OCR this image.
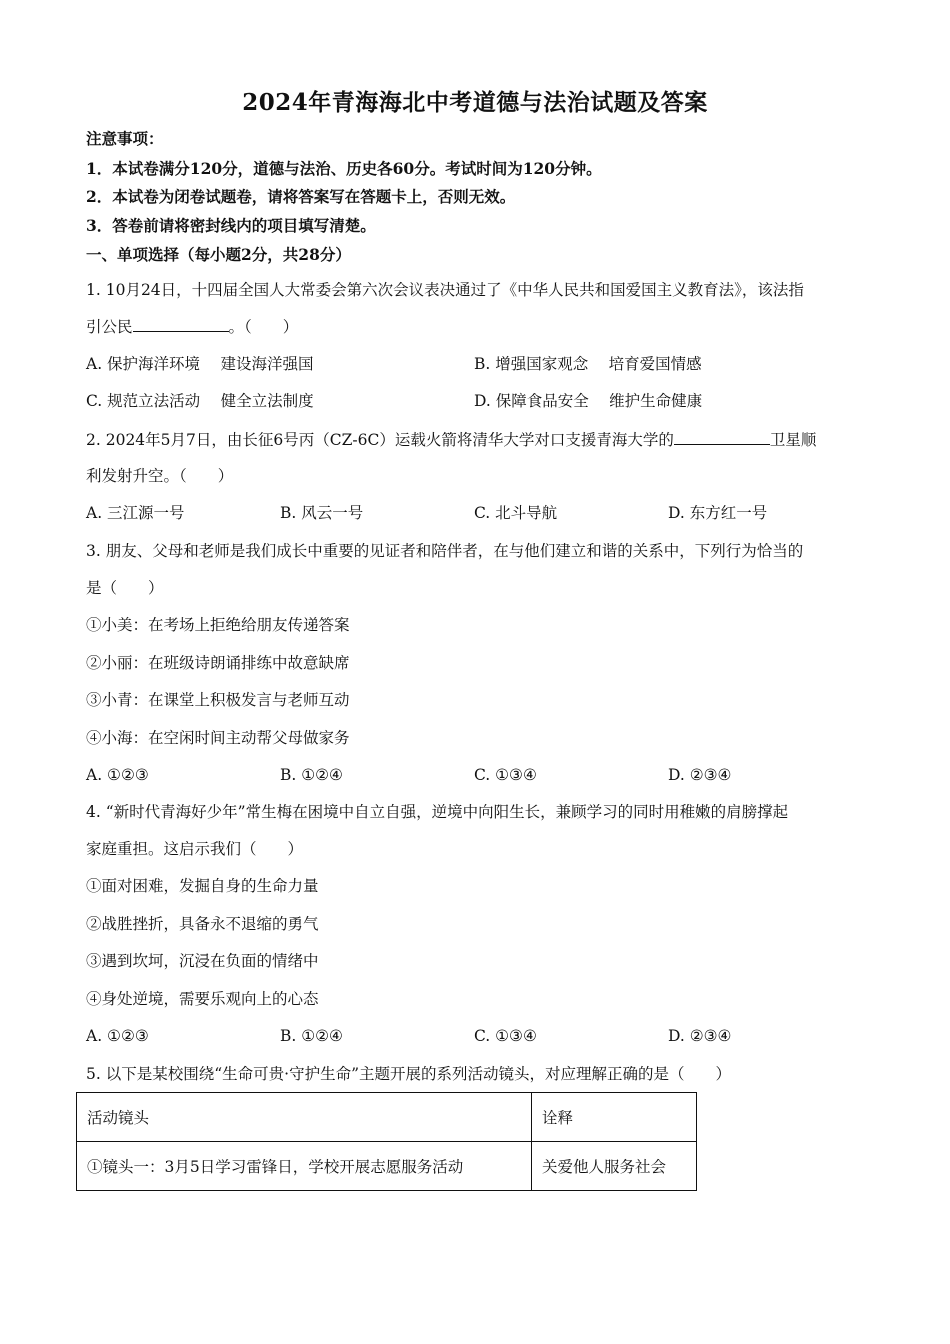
2024年青海海北中考道德与法治试题及答案
注意事项：
1．本试卷满分120分，道德与法治、历史各60分。考试时间为120分钟。
2．本试卷为闭卷试题卷，请将答案写在答题卡上，否则无效。
3．答卷前请将密封线内的项目填写清楚。
一、单项选择（每小题2分，共28分）
1. 10月24日，十四届全国人大常委会第六次会议表决通过了《中华人民共和国爱国主义教育法》，该法指
引公民	。（　　）
A. 保护海洋环境　 建设海洋强国	B. 增强国家观念　 培育爱国情感
C. 规范立法活动　 健全立法制度	D. 保障食品安全　 维护生命健康
2. 2024年5月7日，由长征6号丙（CZ-6C）运载火箭将清华大学对口支援青海大学的	卫星顺
利发射升空。（　　）
A. 三江源一号	B. 风云一号	C. 北斗导航	D. 东方红一号
3. 朋友、父母和老师是我们成长中重要的见证者和陪伴者，在与他们建立和谐的关系中，下列行为恰当的
是（　　）
①小美：在考场上拒绝给朋友传递答案
②小丽：在班级诗朗诵排练中故意缺席
③小青：在课堂上积极发言与老师互动
④小海：在空闲时间主动帮父母做家务
A. ①②③	B. ①②④	C. ①③④	D. ②③④
4. “新时代青海好少年”常生梅在困境中自立自强，逆境中向阳生长，兼顾学习的同时用稚嫩的肩膀撑起
家庭重担。这启示我们（　　）
①面对困难，发掘自身的生命力量
②战胜挫折，具备永不退缩的勇气
③遇到坎坷，沉浸在负面的情绪中
④身处逆境，需要乐观向上的心态
A. ①②③	B. ①②④	C. ①③④	D. ②③④
5. 以下是某校围绕“生命可贵·守护生命”主题开展的系列活动镜头，对应理解正确的是（　　）
活动镜头	诠释
①镜头一：3月5日学习雷锋日，学校开展志愿服务活动	关爱他人服务社会
